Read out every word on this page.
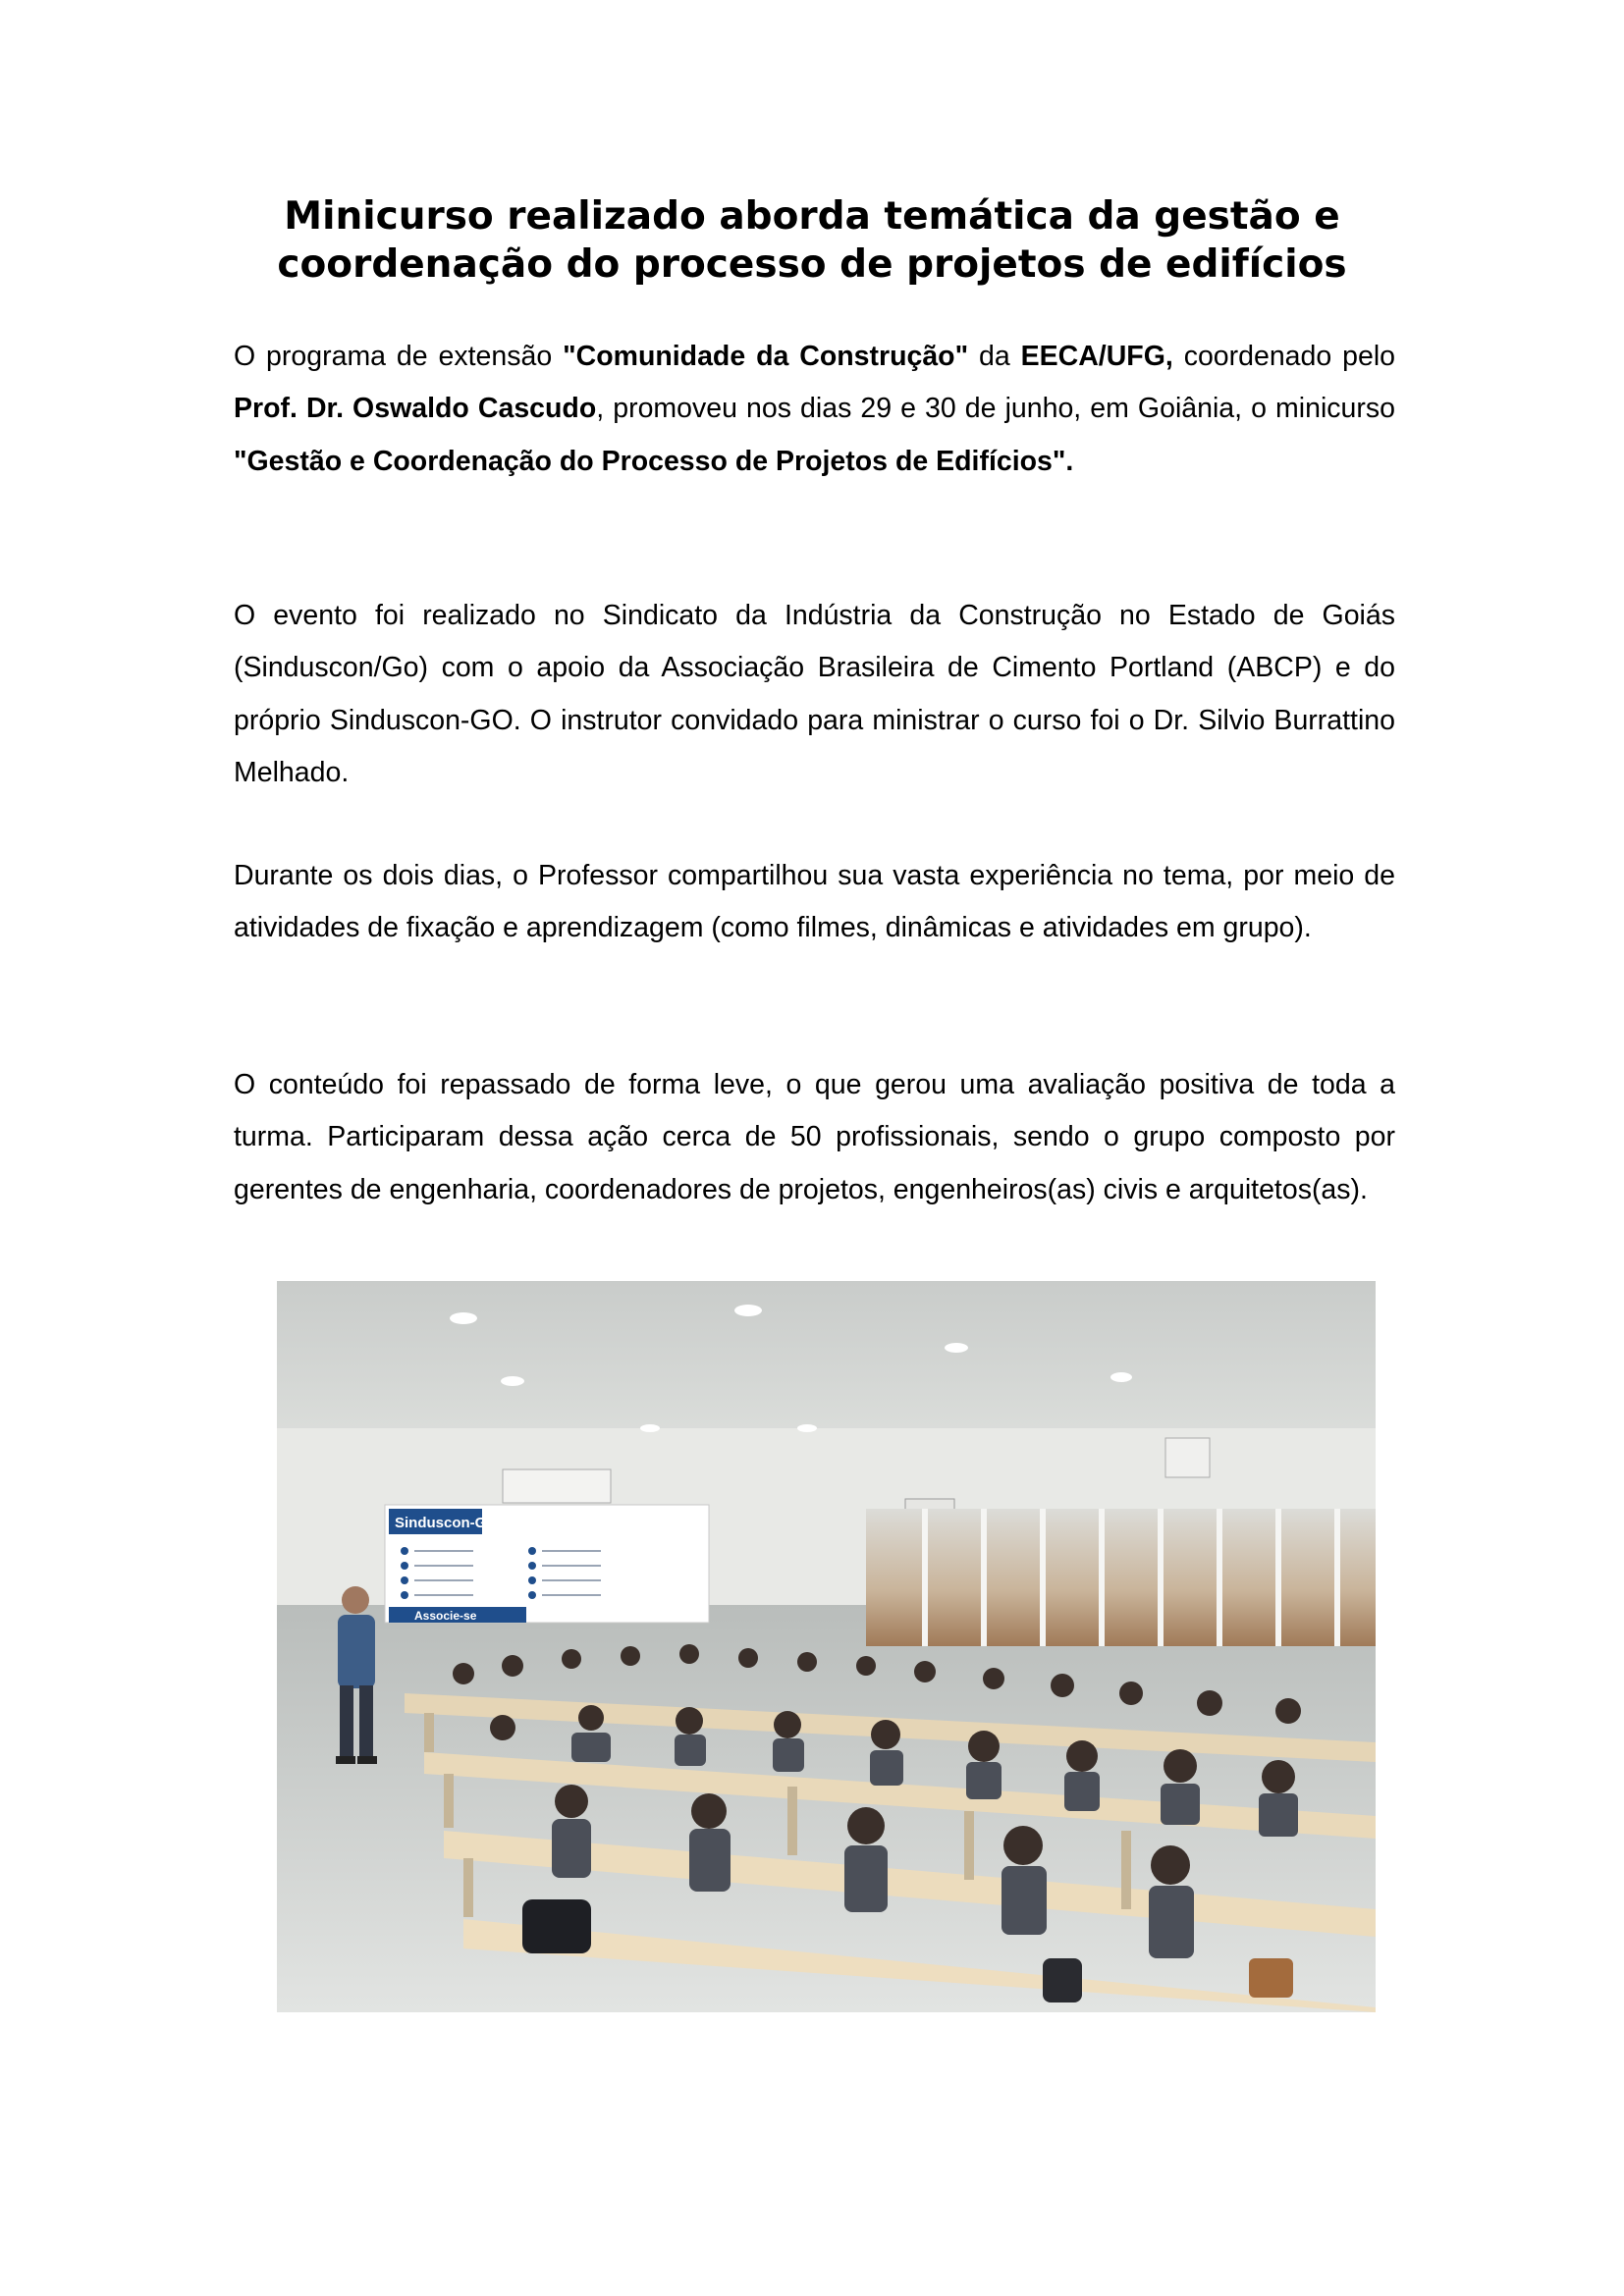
Minicurso realizado aborda temática da gestão e
coordenação do processo de projetos de edifícios

O programa de extensão "Comunidade da Construção" da EECA/UFG, coordenado pelo Prof. Dr. Oswaldo Cascudo, promoveu nos dias 29 e 30 de junho, em Goiânia, o minicurso "Gestão e Coordenação do Processo de Projetos de Edifícios".

O evento foi realizado no Sindicato da Indústria da Construção no Estado de Goiás (Sinduscon/Go) com o apoio da Associação Brasileira de Cimento Portland (ABCP) e do próprio Sinduscon-GO. O instrutor convidado para ministrar o curso foi o Dr. Silvio Burrattino Melhado.

Durante os dois dias, o Professor compartilhou sua vasta experiência no tema, por meio de atividades de fixação e aprendizagem (como filmes, dinâmicas e atividades em grupo).

O conteúdo foi repassado de forma leve, o que gerou uma avaliação positiva de toda a turma. Participaram dessa ação cerca de 50 profissionais, sendo o grupo composto por gerentes de engenharia, coordenadores de projetos, engenheiros(as) civis e arquitetos(as).

Sinduscon-GO
Associe-se
